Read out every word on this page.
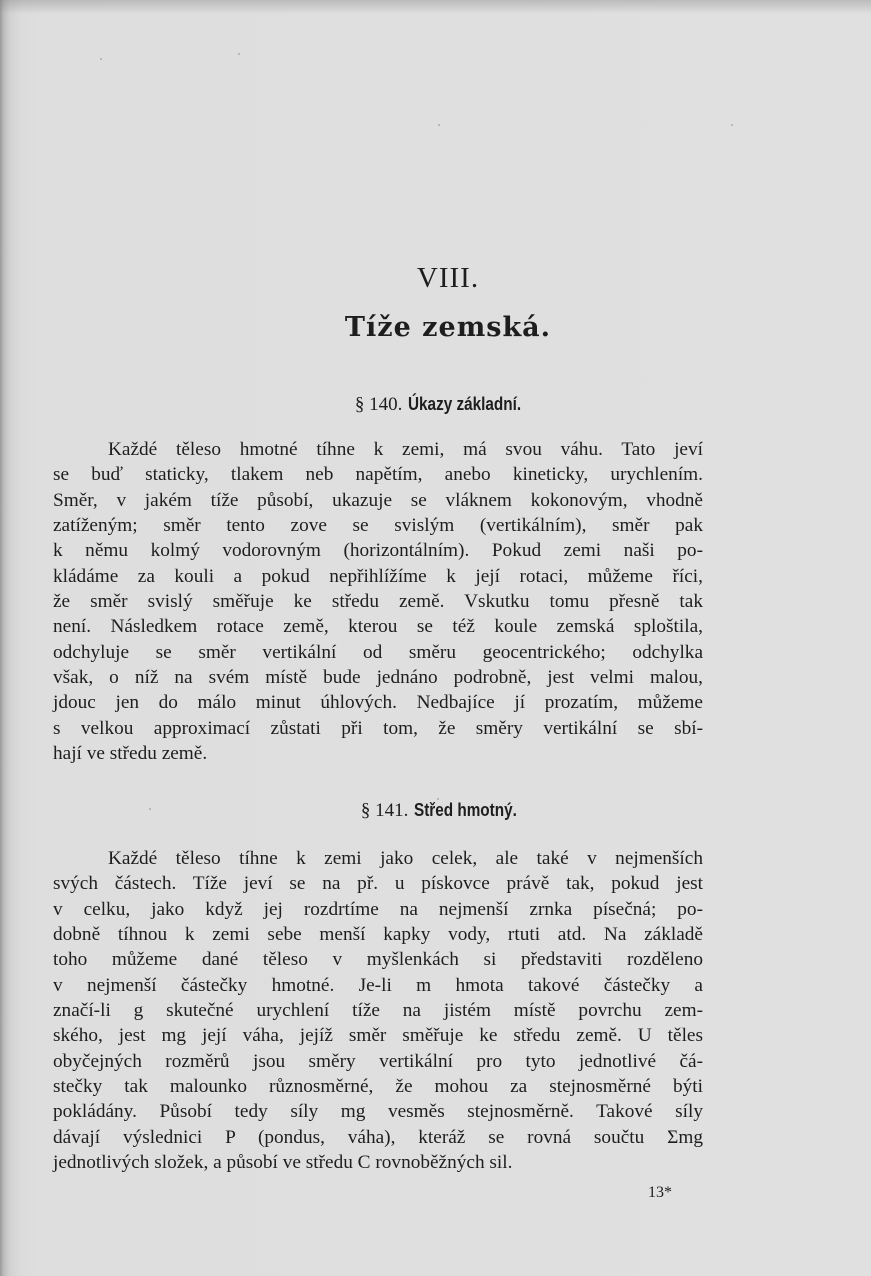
VIII.
Tíže zemská.
§ 140. Úkazy základní.
Každé těleso hmotné tíhne k zemi, má svou váhu. Tato jeví
se buď staticky, tlakem neb napětím, anebo kineticky, urychlením.
Směr, v jakém tíže působí, ukazuje se vláknem kokonovým, vhodně
zatíženým; směr tento zove se svislým (vertikálním), směr pak
k němu kolmý vodorovným (horizontálním). Pokud zemi naši po-
kládáme za kouli a pokud nepřihlížíme k její rotaci, můžeme říci,
že směr svislý směřuje ke středu země. Vskutku tomu přesně tak
není. Následkem rotace země, kterou se též koule zemská sploštila,
odchyluje se směr vertikální od směru geocentrického; odchylka
však, o níž na svém místě bude jednáno podrobně, jest velmi malou,
jdouc jen do málo minut úhlových. Nedbajíce jí prozatím, můžeme
s velkou approximací zůstati při tom, že směry vertikální se sbí-
hají ve středu země.
§ 141. Střed hmotný.
Každé těleso tíhne k zemi jako celek, ale také v nejmenších
svých částech. Tíže jeví se na př. u pískovce právě tak, pokud jest
v celku, jako když jej rozdrtíme na nejmenší zrnka písečná; po-
dobně tíhnou k zemi sebe menší kapky vody, rtuti atd. Na základě
toho můžeme dané těleso v myšlenkách si představiti rozděleno
v nejmenší částečky hmotné. Je-li m hmota takové částečky a
značí-li g skutečné urychlení tíže na jistém místě povrchu zem-
ského, jest mg její váha, jejíž směr směřuje ke středu země. U těles
obyčejných rozměrů jsou směry vertikální pro tyto jednotlivé čá-
stečky tak malounko různosměrné, že mohou za stejnosměrné býti
pokládány. Působí tedy síly mg vesměs stejnosměrně. Takové síly
dávají výslednici P (pondus, váha), kteráž se rovná součtu Σmg
jednotlivých složek, a působí ve středu C rovnoběžných sil.
13*
